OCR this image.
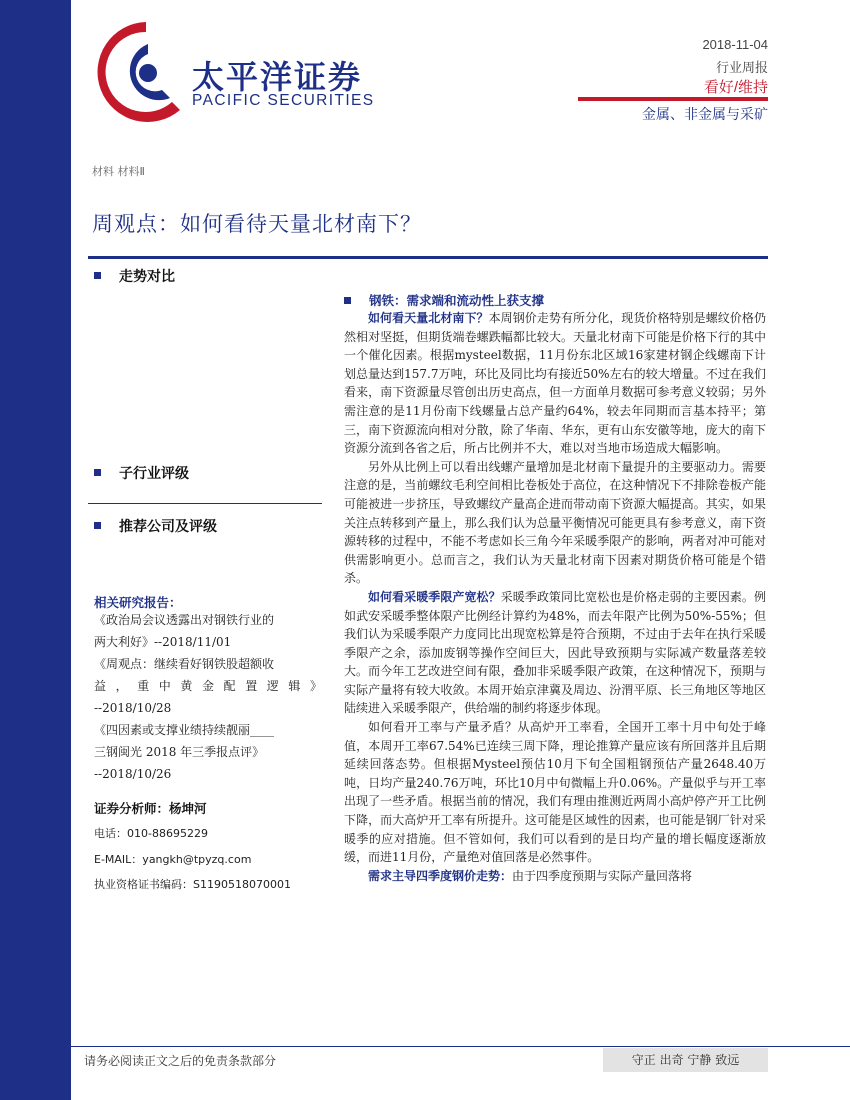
太平洋证券
PACIFIC SECURITIES
2018-11-04
行业周报
看好/维持
金属、非金属与采矿
材料 材料Ⅱ
周观点：如何看待天量北材南下？
走势对比
子行业评级
推荐公司及评级
相关研究报告：
《政治局会议透露出对钢铁行业的
两大利好》--2018/11/01
《周观点：继续看好钢铁股超额收
益，重中黄金配置逻辑》
--2018/10/28
《四因素或支撑业绩持续靓丽____
三钢闽光 2018 年三季报点评》
--2018/10/26
证券分析师：杨坤河
电话：010-88695229
E-MAIL：yangkh@tpyzq.com
执业资格证书编码：S1190518070001
钢铁：需求端和流动性上获支撑

如何看天量北材南下？本周钢价走势有所分化，现货价格特别是螺纹价格仍然相对坚挺，但期货端卷螺跌幅都比较大。天量北材南下可能是价格下行的其中一个催化因素。根据mysteel数据，11月份东北区域16家建材钢企线螺南下计划总量达到157.7万吨，环比及同比均有接近50%左右的较大增量。不过在我们看来，南下资源量尽管创出历史高点，但一方面单月数据可参考意义较弱；另外需注意的是11月份南下线螺量占总产量约64%，较去年同期而言基本持平；第三，南下资源流向相对分散，除了华南、华东，更有山东安徽等地，庞大的南下资源分流到各省之后，所占比例并不大，难以对当地市场造成大幅影响。

另外从比例上可以看出线螺产量增加是北材南下量提升的主要驱动力。需要注意的是，当前螺纹毛利空间相比卷板处于高位，在这种情况下不排除卷板产能可能被进一步挤压，导致螺纹产量高企进而带动南下资源大幅提高。其实，如果关注点转移到产量上，那么我们认为总量平衡情况可能更具有参考意义，南下资源转移的过程中，不能不考虑如长三角今年采暖季限产的影响，两者对冲可能对供需影响更小。总而言之，我们认为天量北材南下因素对期货价格可能是个错杀。

如何看采暖季限产宽松？采暖季政策同比宽松也是价格走弱的主要因素。例如武安采暖季整体限产比例经计算约为48%，而去年限产比例为50%-55%；但我们认为采暖季限产力度同比出现宽松算是符合预期，不过由于去年在执行采暖季限产之余，添加废钢等操作空间巨大，因此导致预期与实际减产数量落差较大。而今年工艺改进空间有限，叠加非采暖季限产政策，在这种情况下，预期与实际产量将有较大收敛。本周开始京津冀及周边、汾渭平原、长三角地区等地区陆续进入采暖季限产，供给端的制约将逐步体现。

如何看开工率与产量矛盾？从高炉开工率看，全国开工率十月中旬处于峰值，本周开工率67.54%已连续三周下降，理论推算产量应该有所回落并且后期延续回落态势。但根据Mysteel预估10月下旬全国粗钢预估产量2648.40万吨，日均产量240.76万吨，环比10月中旬微幅上升0.06%。产量似乎与开工率出现了一些矛盾。根据当前的情况，我们有理由推测近两周小高炉停产开工比例下降，而大高炉开工率有所提升。这可能是区域性的因素，也可能是钢厂针对采暖季的应对措施。但不管如何，我们可以看到的是日均产量的增长幅度逐渐放缓，而进11月份，产量绝对值回落是必然事件。

需求主导四季度钢价走势：由于四季度预期与实际产量回落将

请务必阅读正文之后的免责条款部分	守正 出奇 宁静 致远
